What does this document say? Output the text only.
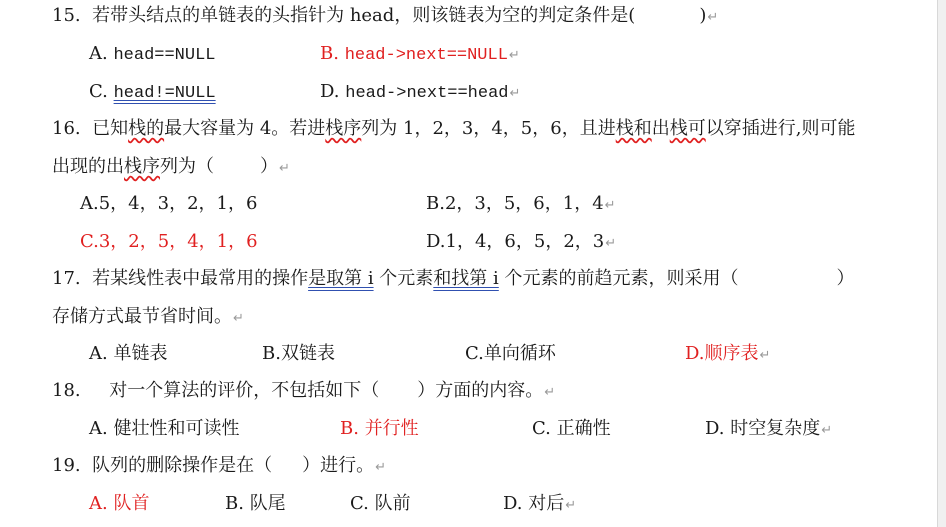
15. 若带头结点的单链表的头指针为 head，则该链表为空的判定条件是(	)↵
A. head==NULL	B. head->next==NULL↵
C. head!=NULL	D. head->next==head↵
16. 已知栈的最大容量为 4。若进栈序列为 1，2，3，4，5，6，且进栈和出栈可以穿插进行,则可能
出现的出栈序列为（	）↵
A.5，4，3，2，1，6	B.2，3，5，6，1，4↵
C.3，2，5，4，1，6	D.1，4，6，5，2，3↵
17. 若某线性表中最常用的操作是取第 i 个元素和找第 i 个元素的前趋元素，则采用（	）
存储方式最节省时间。↵
A. 单链表	B.双链表	C.单向循环	D.顺序表↵
18. 对一个算法的评价，不包括如下（ ）方面的内容。↵
A. 健壮性和可读性	B. 并行性	C. 正确性	D. 时空复杂度↵
19. 队列的删除操作是在（ ）进行。↵
A. 队首	B. 队尾	C. 队前	D. 对后↵
